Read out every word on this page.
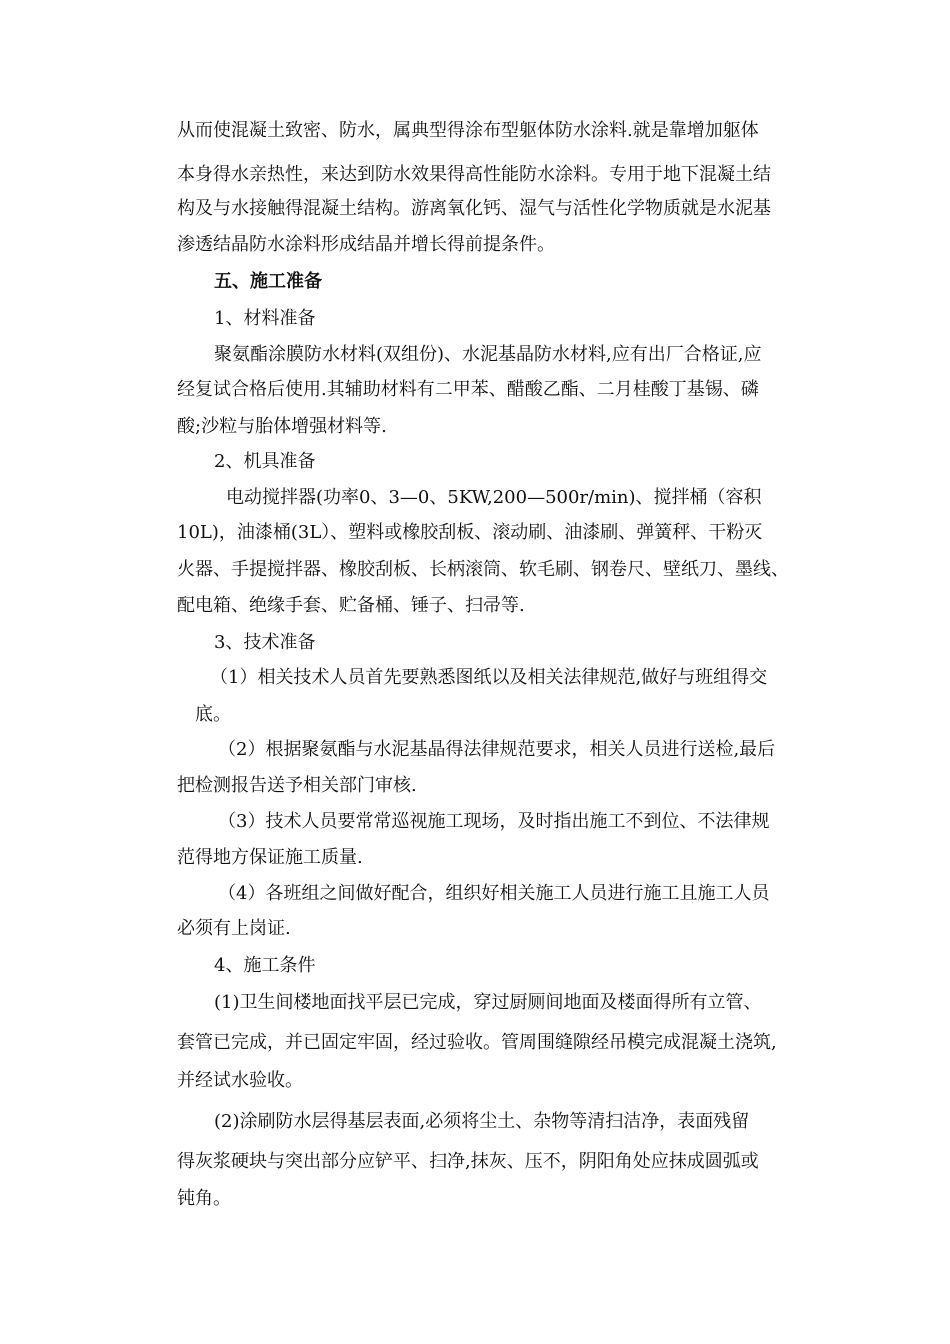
从而使混凝土致密、防水，属典型得涂布型躯体防水涂料.就是靠增加躯体
本身得水亲热性，来达到防水效果得高性能防水涂料。专用于地下混凝土结
构及与水接触得混凝土结构。游离氧化钙、湿气与活性化学物质就是水泥基
渗透结晶防水涂料形成结晶并增长得前提条件。
五、施工准备
1、材料准备
聚氨酯涂膜防水材料(双组份)、水泥基晶防水材料,应有出厂合格证,应
经复试合格后使用.其辅助材料有二甲苯、醋酸乙酯、二月桂酸丁基锡、磷
酸;沙粒与胎体增强材料等.
2、机具准备
电动搅拌器(功率0、3—0、5KW,200—500r/min)、搅拌桶（容积
10L)，油漆桶(3L）、塑料或橡胶刮板、滚动刷、油漆刷、弹簧秤、干粉灭
火器、手提搅拌器、橡胶刮板、长柄滚筒、软毛刷、钢卷尺、壁纸刀、墨线、
配电箱、绝缘手套、贮备桶、锤子、扫帚等.
3、技术准备
（1）相关技术人员首先要熟悉图纸以及相关法律规范,做好与班组得交
底。
（2）根据聚氨酯与水泥基晶得法律规范要求，相关人员进行送检,最后
把检测报告送予相关部门审核.
（3）技术人员要常常巡视施工现场，及时指出施工不到位、不法律规
范得地方保证施工质量.
（4）各班组之间做好配合，组织好相关施工人员进行施工且施工人员
必须有上岗证.
4、施工条件
(1)卫生间楼地面找平层已完成，穿过厨厕间地面及楼面得所有立管、
套管已完成，并已固定牢固，经过验收。管周围缝隙经吊模完成混凝土浇筑,
并经试水验收。
(2)涂刷防水层得基层表面,必须将尘土、杂物等清扫洁净，表面残留
得灰浆硬块与突出部分应铲平、扫净,抹灰、压不，阴阳角处应抹成圆弧或
钝角。
